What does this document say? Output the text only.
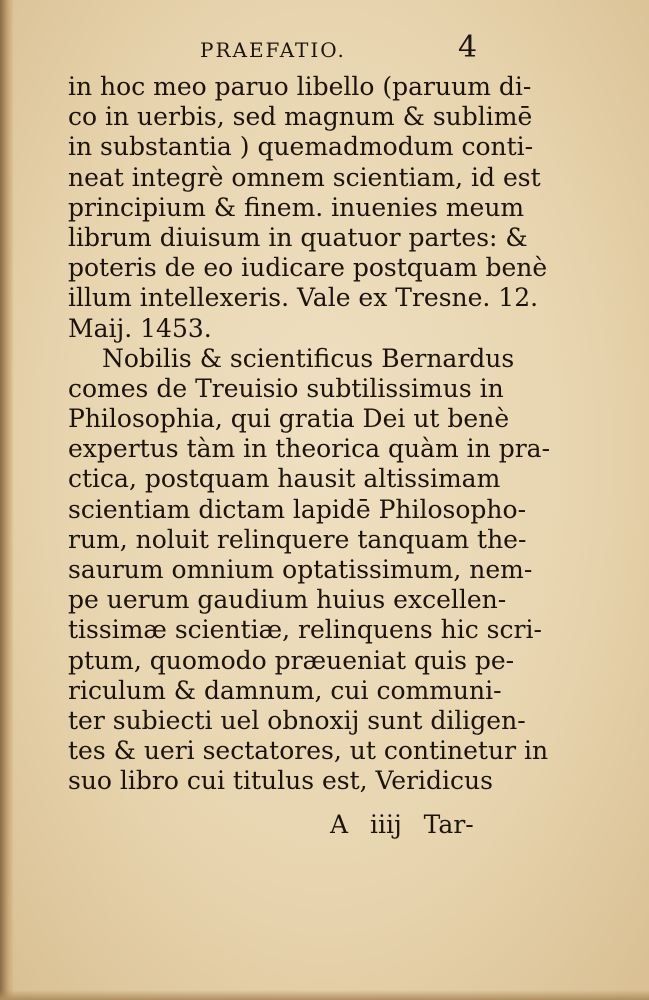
PRAEFATIO.	4
in hoc meo paruo libello (paruum di-
co in uerbis, sed magnum & sublimē
in substantia ) quemadmodum conti-
neat integrè omnem scientiam, id est
principium & finem. inuenies meum
librum diuisum in quatuor partes: &
poteris de eo iudicare postquam benè
illum intellexeris. Vale ex Tresne. 12.
Maij. 1453.
Nobilis & scientificus Bernardus
comes de Treuisio subtilissimus in
Philosophia, qui gratia Dei ut benè
expertus tàm in theorica quàm in pra-
ctica, postquam hausit altissimam
scientiam dictam lapidē Philosopho-
rum, noluit relinquere tanquam the-
saurum omnium optatissimum, nem-
pe uerum gaudium huius excellen-
tissimæ scientiæ, relinquens hic scri-
ptum, quomodo præueniat quis pe-
riculum & damnum, cui communi-
ter subiecti uel obnoxij sunt diligen-
tes & ueri sectatores, ut continetur in
suo libro cui titulus est, Veridicus
A iiij Tar-
